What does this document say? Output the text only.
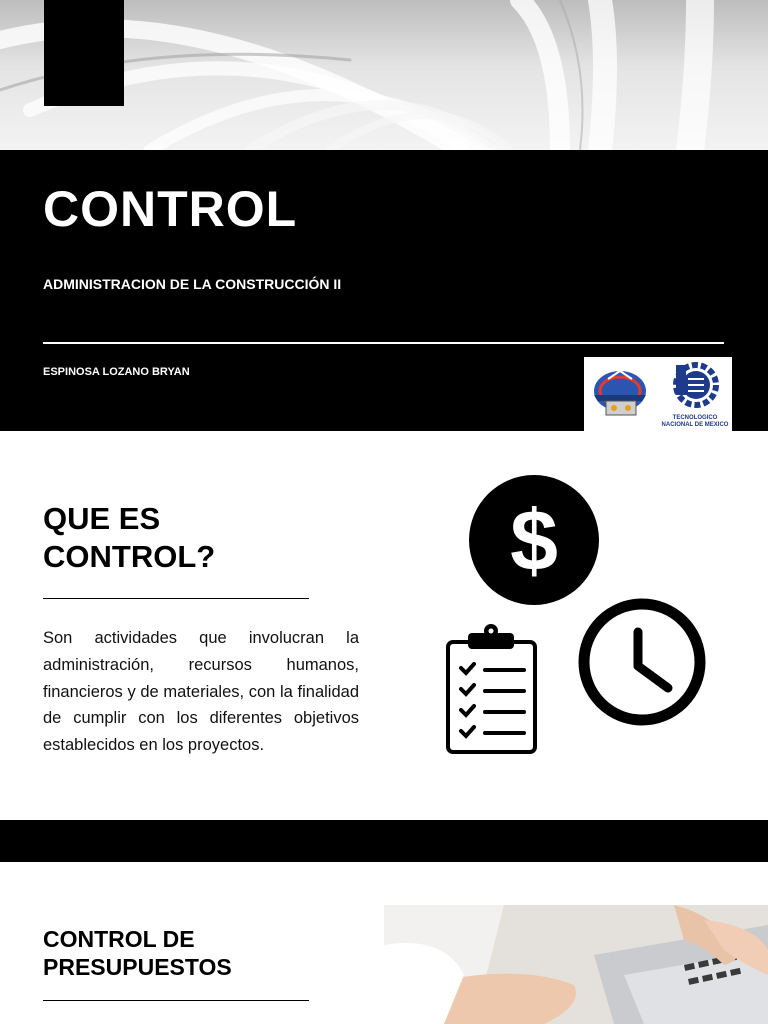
CONTROL
ADMINISTRACION DE LA CONSTRUCCIÓN II
ESPINOSA LOZANO BRYAN
TECNOLOGICO
NACIONAL DE MEXICO
QUE ES
CONTROL?
Son actividades que involucran la administración, recursos humanos, financieros y de materiales, con la finalidad de cumplir con los diferentes objetivos establecidos en los proyectos.
$
CONTROL DE
PRESUPUESTOS
